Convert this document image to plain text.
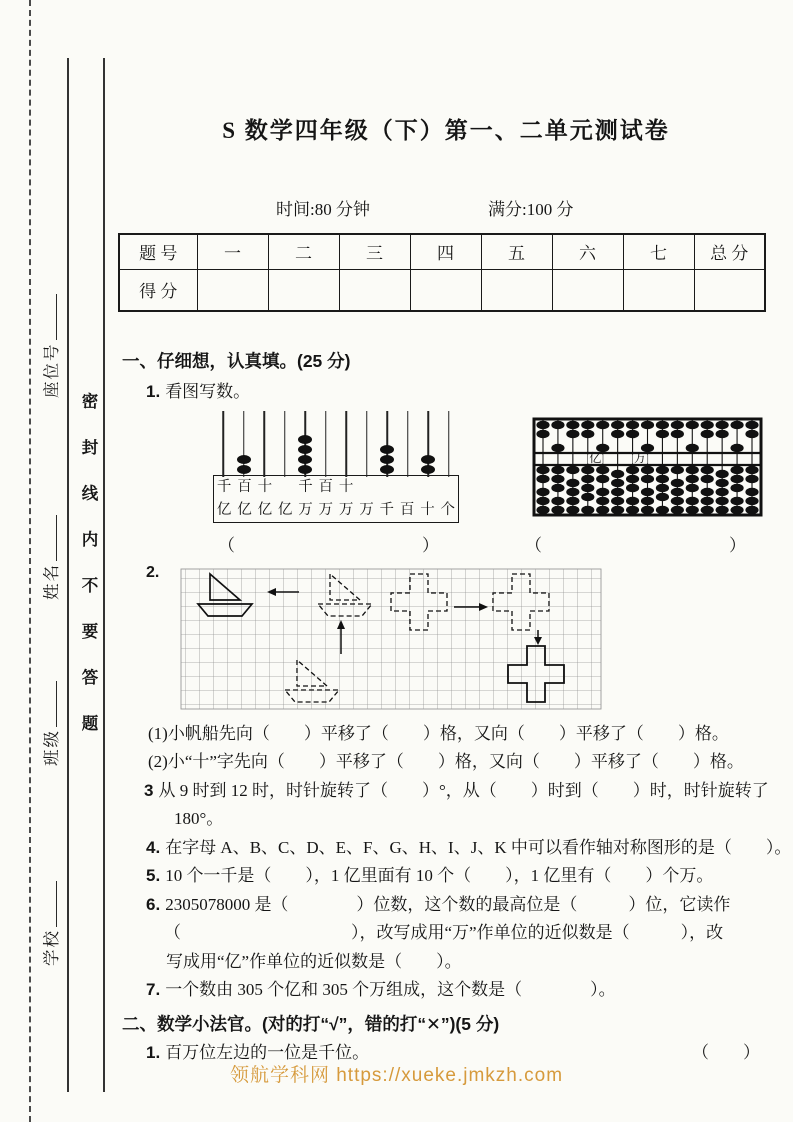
座位号
姓名
班级
学校
密
封
线
内
不
要
答
题
S 数学四年级（下）第一、二单元测试卷
时间:80 分钟	满分:100 分
题 号	一	二	三	四	五	六	七	总 分
得 分								
一、仔细想，认真填。(25 分)
1. 看图写数。
千 百 十 千 百 十
亿 亿 亿 亿 万 万 万 万 千 百 十 个
亿	万
（　　　　　　　　　　　）	（　　　　　　　　　　　）
2.
(1)小帆船先向（　　）平移了（　　）格，又向（　　）平移了（　　）格。
(2)小“十”字先向（　　）平移了（　　）格，又向（　　）平移了（　　）格。
3 从 9 时到 12 时，时针旋转了（　　）°，从（　　）时到（　　）时，时针旋转了
180°。
4. 在字母 A、B、C、D、E、F、G、H、I、J、K 中可以看作轴对称图形的是（　　）。
5. 10 个一千是（　　），1 亿里面有 10 个（　　），1 亿里有（　　）个万。
6. 2305078000 是（　　　　）位数，这个数的最高位是（　　　）位，它读作
（　　　　　　　　　　），改写成用“万”作单位的近似数是（　　　），改
写成用“亿”作单位的近似数是（　　）。
7. 一个数由 305 个亿和 305 个万组成，这个数是（　　　　）。
二、数学小法官。(对的打“√”，错的打“✕”)(5 分)
1. 百万位左边的一位是千位。	（　　）
领航学科网 https://xueke.jmkzh.com
